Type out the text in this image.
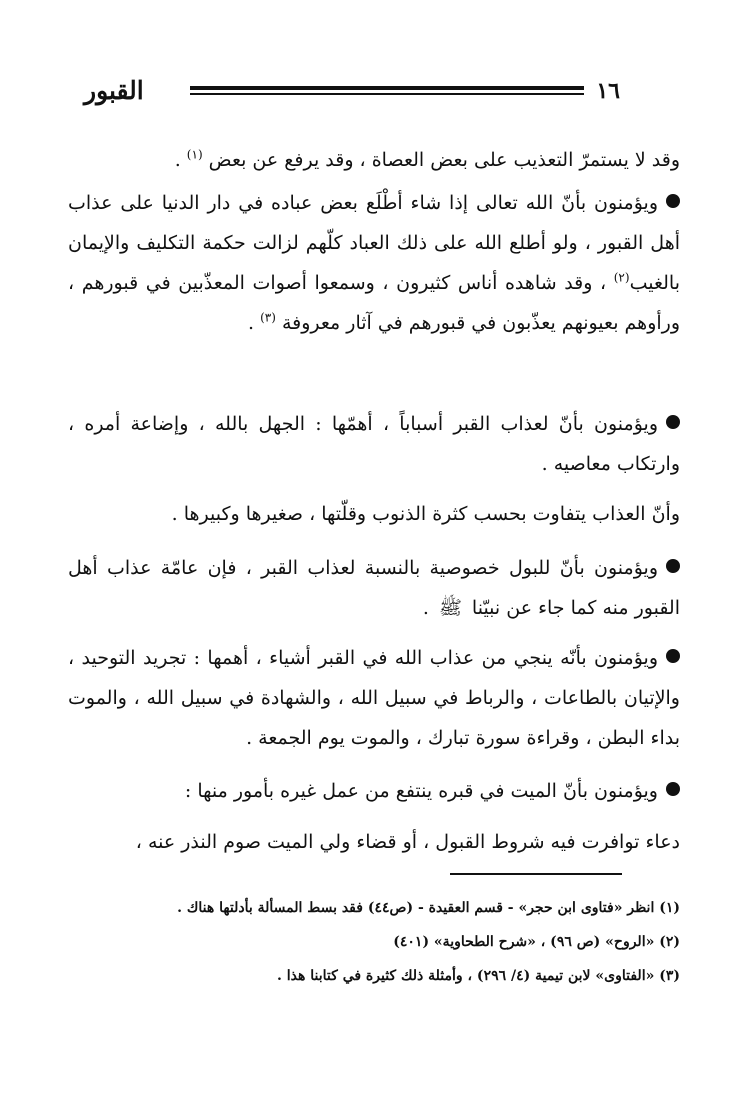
القبور	١٦

وقد لا يستمرّ التعذيب على بعض العصاة ، وقد يرفع عن بعض $^{(١)}$ .

ويؤمنون بأنّ الله تعالى إذا شاء أطْلَع بعض عباده في دار الدنيا على عذاب أهل القبور ، ولو أطلع الله على ذلك العباد كلّهم لزالت حكمة التكليف والإيمان بالغيب$^{(٢)}$ ، وقد شاهده أناس كثيرون ، وسمعوا أصوات المعذّبين في قبورهم ، ورأوهم بعيونهم يعذّبون في قبورهم في آثار معروفة $^{(٣)}$ .

ويؤمنون بأنّ لعذاب القبر أسباباً ، أهمّها : الجهل بالله ، وإضاعة أمره ، وارتكاب معاصيه .

وأنّ العذاب يتفاوت بحسب كثرة الذنوب وقلّتها ، صغيرها وكبيرها .

ويؤمنون بأنّ للبول خصوصية بالنسبة لعذاب القبر ، فإن عامّة عذاب أهل القبور منه كما جاء عن نبيّنا ﷺ .

ويؤمنون بأنّه ينجي من عذاب الله في القبر أشياء ، أهمها : تجريد التوحيد ، والإتيان بالطاعات ، والرباط في سبيل الله ، والشهادة في سبيل الله ، والموت بداء البطن ، وقراءة سورة تبارك ، والموت يوم الجمعة .

ويؤمنون بأنّ الميت في قبره ينتفع من عمل غيره بأمور منها :

دعاء توافرت فيه شروط القبول ، أو قضاء ولي الميت صوم النذر عنه ،

(١) انظر «فتاوى ابن حجر» - قسم العقيدة - (ص٤٤) فقد بسط المسألة بأدلتها هناك .

(٢) «الروح» (ص ٩٦) ، «شرح الطحاوية» (٤٠١)

(٣) «الفتاوى» لابن تيمية (٤/ ٢٩٦) ، وأمثلة ذلك كثيرة في كتابنا هذا .
